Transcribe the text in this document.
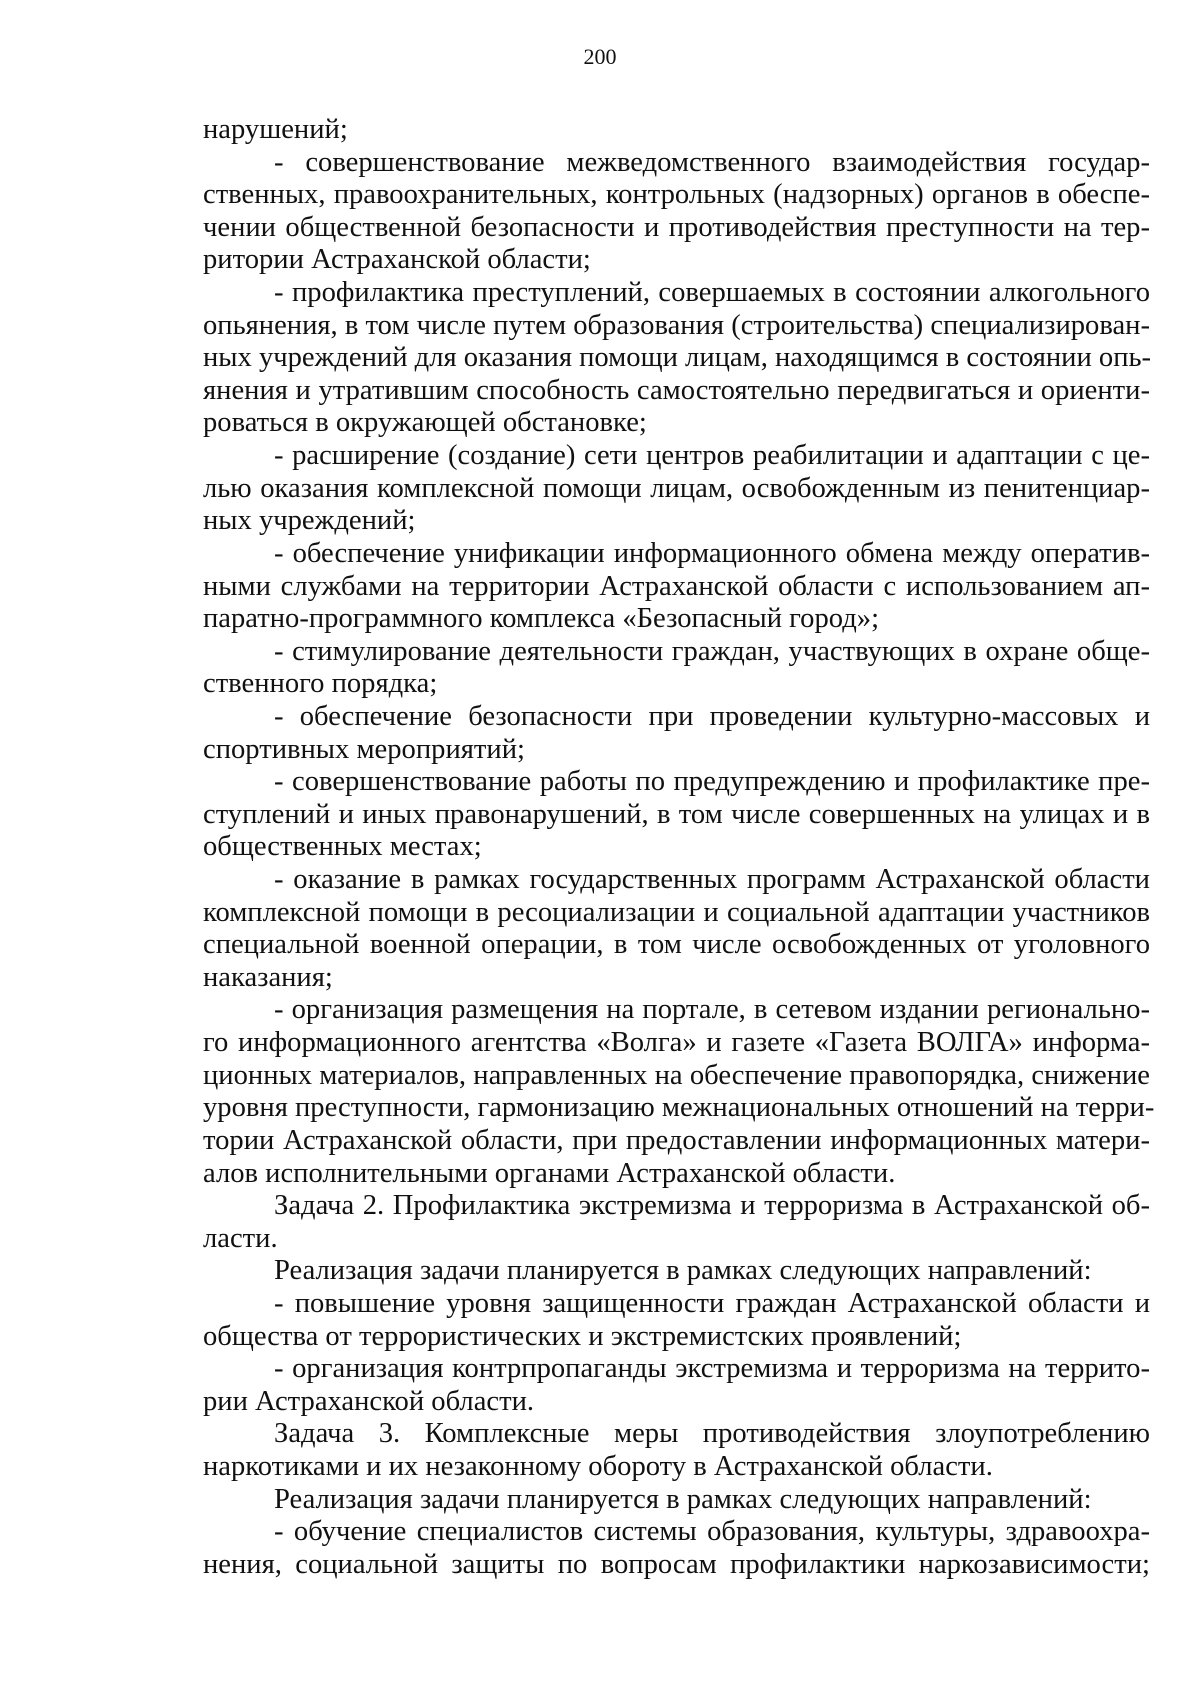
200
нарушений;
- совершенствование межведомственного взаимодействия государ-
ственных, правоохранительных, контрольных (надзорных) органов в обеспе-
чении общественной безопасности и противодействия преступности на тер-
ритории Астраханской области;
- профилактика преступлений, совершаемых в состоянии алкогольного
опьянения, в том числе путем образования (строительства) специализирован-
ных учреждений для оказания помощи лицам, находящимся в состоянии опь-
янения и утратившим способность самостоятельно передвигаться и ориенти-
роваться в окружающей обстановке;
- расширение (создание) сети центров реабилитации и адаптации с це-
лью оказания комплексной помощи лицам, освобожденным из пенитенциар-
ных учреждений;
- обеспечение унификации информационного обмена между оператив-
ными службами на территории Астраханской области с использованием ап-
паратно-программного комплекса «Безопасный город»;
- стимулирование деятельности граждан, участвующих в охране обще-
ственного порядка;
- обеспечение безопасности при проведении культурно-массовых и
спортивных мероприятий;
- совершенствование работы по предупреждению и профилактике пре-
ступлений и иных правонарушений, в том числе совершенных на улицах и в
общественных местах;
- оказание в рамках государственных программ Астраханской области
комплексной помощи в ресоциализации и социальной адаптации участников
специальной военной операции, в том числе освобожденных от уголовного
наказания;
- организация размещения на портале, в сетевом издании регионально-
го информационного агентства «Волга» и газете «Газета ВОЛГА» информа-
ционных материалов, направленных на обеспечение правопорядка, снижение
уровня преступности, гармонизацию межнациональных отношений на терри-
тории Астраханской области, при предоставлении информационных матери-
алов исполнительными органами Астраханской области.
Задача 2. Профилактика экстремизма и терроризма в Астраханской об-
ласти.
Реализация задачи планируется в рамках следующих направлений:
- повышение уровня защищенности граждан Астраханской области и
общества от террористических и экстремистских проявлений;
- организация контрпропаганды экстремизма и терроризма на террито-
рии Астраханской области.
Задача 3. Комплексные меры противодействия злоупотреблению
наркотиками и их незаконному обороту в Астраханской области.
Реализация задачи планируется в рамках следующих направлений:
- обучение специалистов системы образования, культуры, здравоохра-
нения, социальной защиты по вопросам профилактики наркозависимости;
